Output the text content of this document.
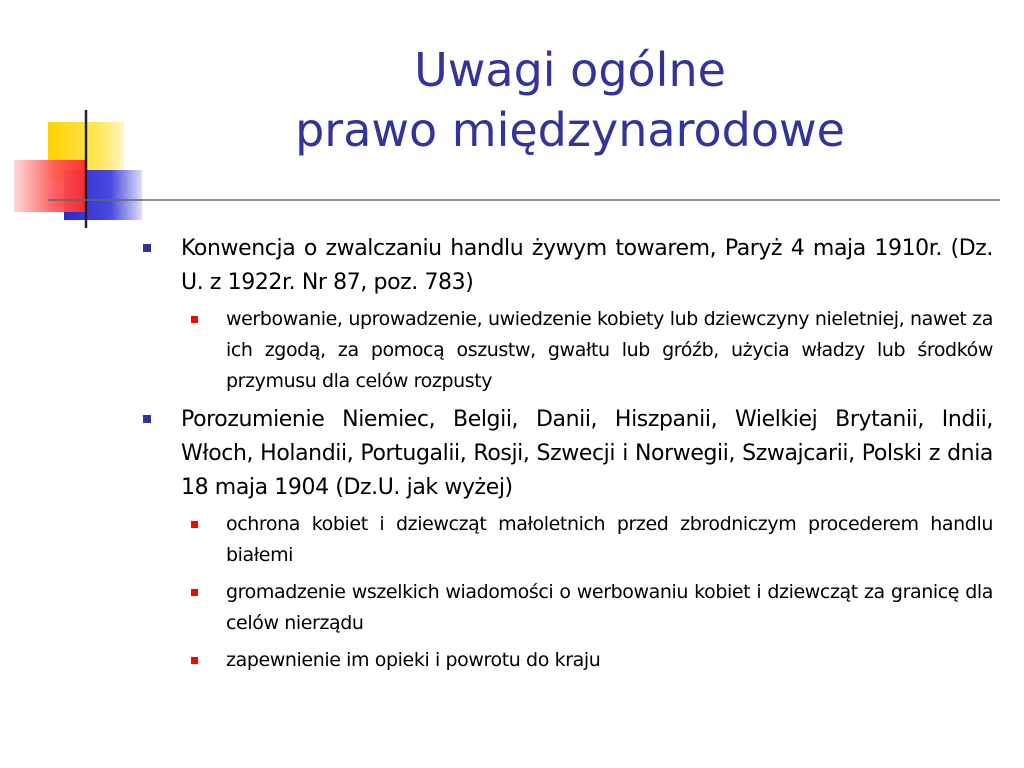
Uwagi ogólne
prawo międzynarodowe
Konwencja o zwalczaniu handlu żywym towarem, Paryż 4 maja 1910r. (Dz. U. z 1922r. Nr 87, poz. 783)
werbowanie, uprowadzenie, uwiedzenie kobiety lub dziewczyny nieletniej, nawet za ich zgodą, za pomocą oszustw, gwałtu lub gróźb, użycia władzy lub środków przymusu dla celów rozpusty
Porozumienie Niemiec, Belgii, Danii, Hiszpanii, Wielkiej Brytanii, Indii, Włoch, Holandii, Portugalii, Rosji, Szwecji i Norwegii, Szwajcarii, Polski z dnia 18 maja 1904 (Dz.U. jak wyżej)
ochrona kobiet i dziewcząt małoletnich przed zbrodniczym procederem handlu białemi
gromadzenie wszelkich wiadomości o werbowaniu kobiet i dziewcząt za granicę dla celów nierządu
zapewnienie im opieki i powrotu do kraju
